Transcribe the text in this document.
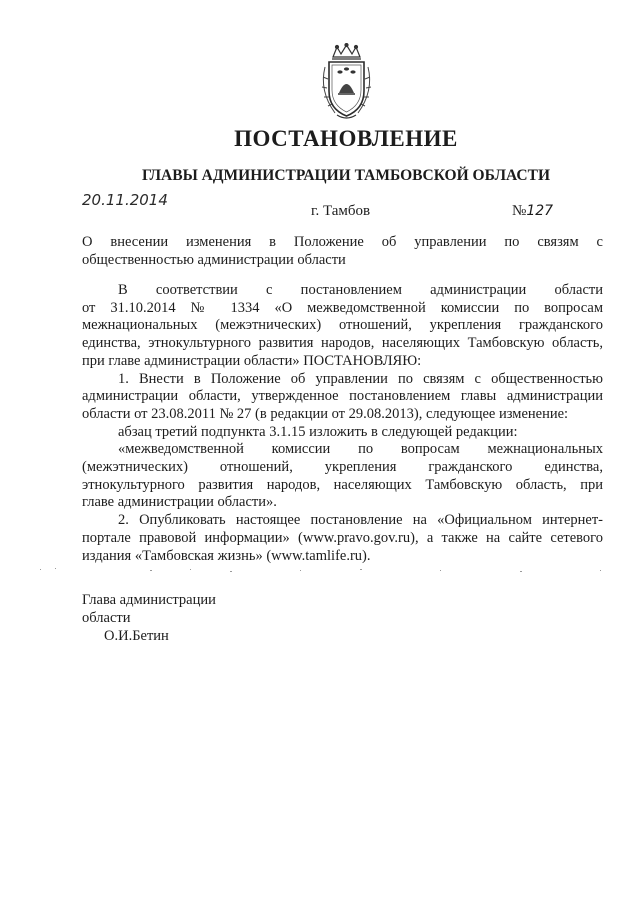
ПОСТАНОВЛЕНИЕ
ГЛАВЫ АДМИНИСТРАЦИИ ТАМБОВСКОЙ ОБЛАСТИ
20.11.2014
г. Тамбов	№127
О внесении изменения в Положение об управлении по связям с
общественностью администрации области
В соответствии с постановлением администрации области
от 31.10.2014 № 1334 «О межведомственной комиссии по вопросам
межнациональных (межэтнических) отношений, укрепления гражданского
единства, этнокультурного развития народов, населяющих Тамбовскую область,
при главе администрации области» ПОСТАНОВЛЯЮ:
1. Внести в Положение об управлении по связям с общественностью
администрации области, утвержденное постановлением главы администрации
области от 23.08.2011 № 27 (в редакции от 29.08.2013), следующее изменение:
абзац третий подпункта 3.1.15 изложить в следующей редакции:
«межведомственной комиссии по вопросам межнациональных
(межэтнических) отношений, укрепления гражданского единства,
этнокультурного развития народов, населяющих Тамбовскую область, при
главе администрации области».
2. Опубликовать настоящее постановление на «Официальном интернет-
портале правовой информации» (www.pravo.gov.ru), а также на сайте сетевого
издания «Тамбовская жизнь» (www.tamlife.ru).
Глава администрации
области
О.И.Бетин
